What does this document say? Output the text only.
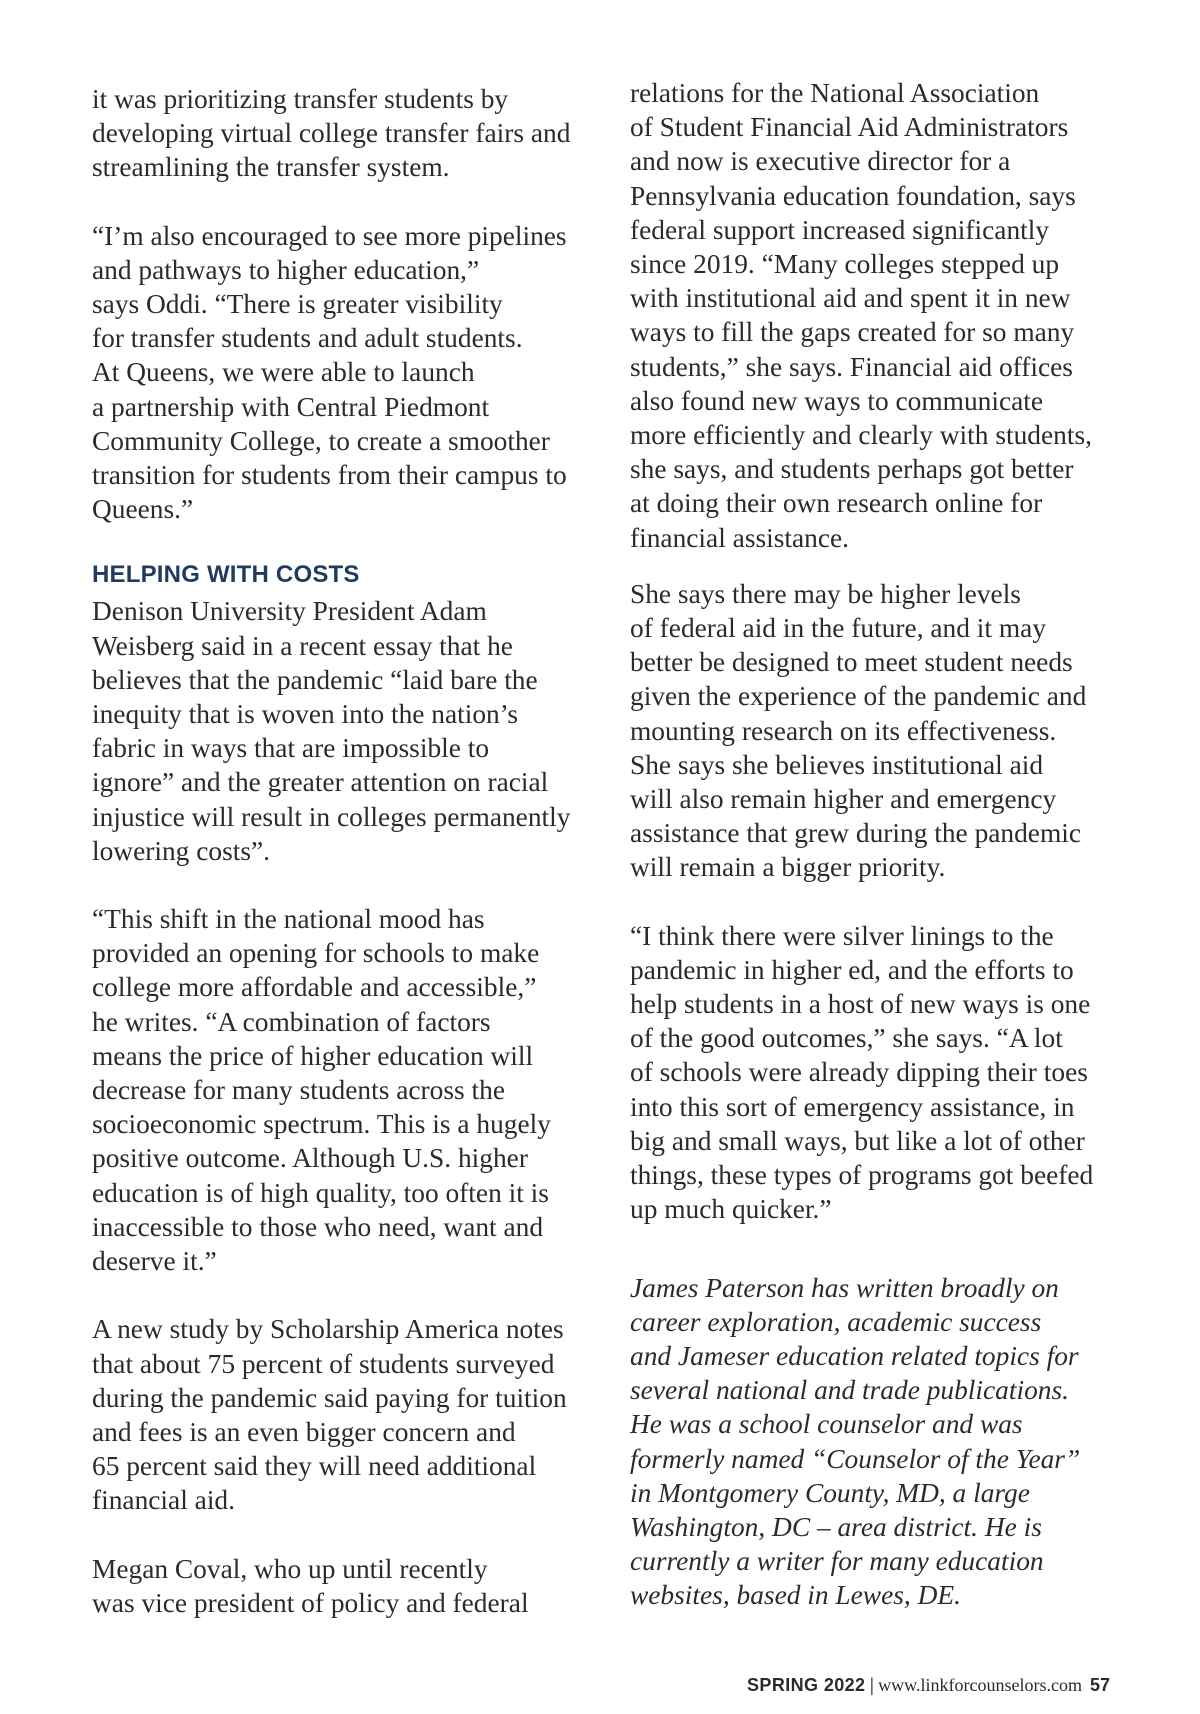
it was prioritizing transfer students by
developing virtual college transfer fairs and
streamlining the transfer system.

“I’m also encouraged to see more pipelines
and pathways to higher education,”
says Oddi. “There is greater visibility
for transfer students and adult students.
At Queens, we were able to launch
a partnership with Central Piedmont
Community College, to create a smoother
transition for students from their campus to
Queens.”

HELPING WITH COSTS

Denison University President Adam
Weisberg said in a recent essay that he
believes that the pandemic “laid bare the
inequity that is woven into the nation’s
fabric in ways that are impossible to
ignore” and the greater attention on racial
injustice will result in colleges permanently
lowering costs”.

“This shift in the national mood has
provided an opening for schools to make
college more affordable and accessible,”
he writes. “A combination of factors
means the price of higher education will
decrease for many students across the
socioeconomic spectrum. This is a hugely
positive outcome. Although U.S. higher
education is of high quality, too often it is
inaccessible to those who need, want and
deserve it.”

A new study by Scholarship America notes
that about 75 percent of students surveyed
during the pandemic said paying for tuition
and fees is an even bigger concern and
65 percent said they will need additional
financial aid.

Megan Coval, who up until recently
was vice president of policy and federal

relations for the National Association
of Student Financial Aid Administrators
and now is executive director for a
Pennsylvania education foundation, says
federal support increased significantly
since 2019. “Many colleges stepped up
with institutional aid and spent it in new
ways to fill the gaps created for so many
students,” she says. Financial aid offices
also found new ways to communicate
more efficiently and clearly with students,
she says, and students perhaps got better
at doing their own research online for
financial assistance.

She says there may be higher levels
of federal aid in the future, and it may
better be designed to meet student needs
given the experience of the pandemic and
mounting research on its effectiveness.
She says she believes institutional aid
will also remain higher and emergency
assistance that grew during the pandemic
will remain a bigger priority.

“I think there were silver linings to the
pandemic in higher ed, and the efforts to
help students in a host of new ways is one
of the good outcomes,” she says. “A lot
of schools were already dipping their toes
into this sort of emergency assistance, in
big and small ways, but like a lot of other
things, these types of programs got beefed
up much quicker.”

James Paterson has written broadly on
career exploration, academic success
and Jameser education related topics for
several national and trade publications.
He was a school counselor and was
formerly named “Counselor of the Year”
in Montgomery County, MD, a large
Washington, DC – area district. He is
currently a writer for many education
websites, based in Lewes, DE.

SPRING 2022 | www.linkforcounselors.com 57
